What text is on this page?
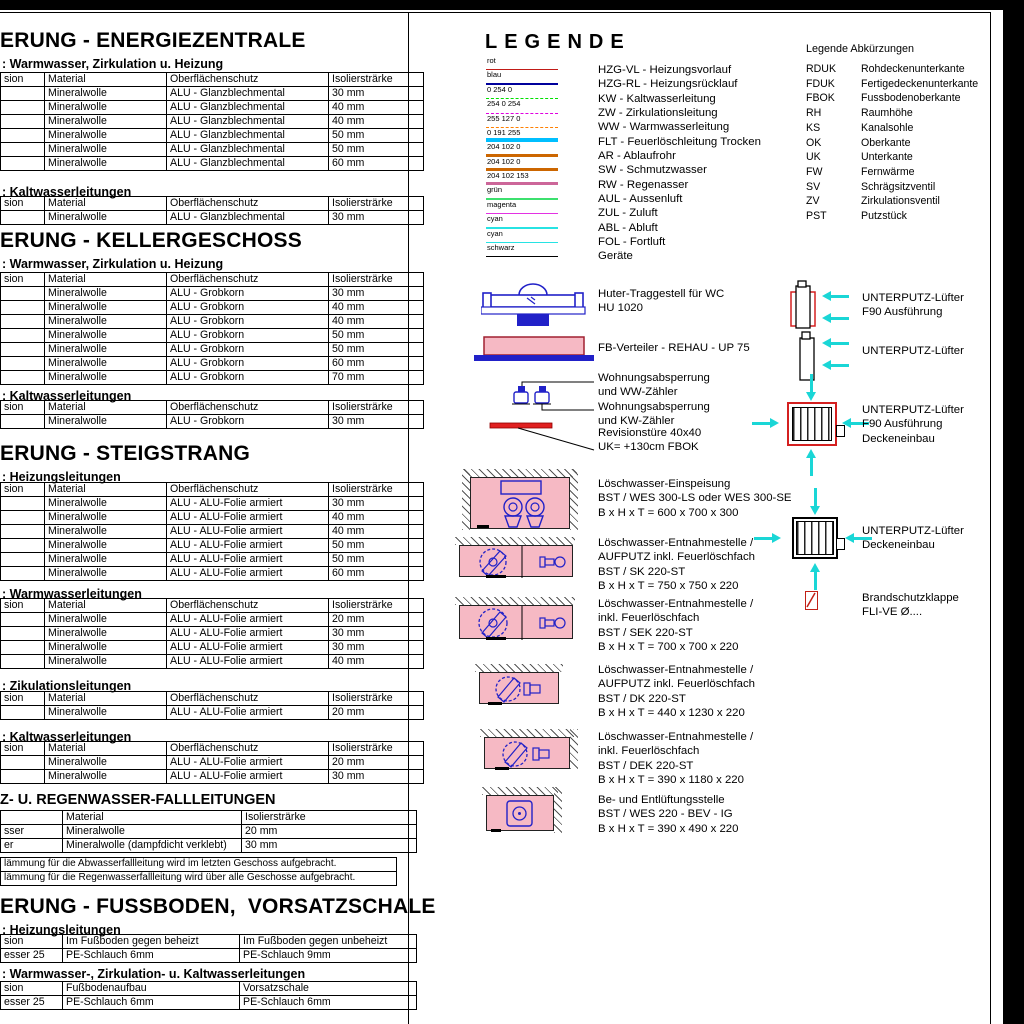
ERUNG - ENERGIEZENTRALE
: Warmwasser, Zirkulation u. Heizung
sion	Material	Oberflächenschutz	Isoliersträrke
	Mineralwolle	ALU - Glanzblechmental	30 mm
	Mineralwolle	ALU - Glanzblechmental	40 mm
	Mineralwolle	ALU - Glanzblechmental	40 mm
	Mineralwolle	ALU - Glanzblechmental	50 mm
	Mineralwolle	ALU - Glanzblechmental	50 mm
	Mineralwolle	ALU - Glanzblechmental	60 mm
: Kaltwasserleitungen
sion	Material	Oberflächenschutz	Isoliersträrke
	Mineralwolle	ALU - Glanzblechmental	30 mm
ERUNG - KELLERGESCHOSS
: Warmwasser, Zirkulation u. Heizung
sion	Material	Oberflächenschutz	Isoliersträrke
	Mineralwolle	ALU - Grobkorn	30 mm
	Mineralwolle	ALU - Grobkorn	40 mm
	Mineralwolle	ALU - Grobkorn	40 mm
	Mineralwolle	ALU - Grobkorn	50 mm
	Mineralwolle	ALU - Grobkorn	50 mm
	Mineralwolle	ALU - Grobkorn	60 mm
	Mineralwolle	ALU - Grobkorn	70 mm
: Kaltwasserleitungen
sion	Material	Oberflächenschutz	Isoliersträrke
	Mineralwolle	ALU - Grobkorn	30 mm
ERUNG - STEIGSTRANG
: Heizungsleitungen
sion	Material	Oberflächenschutz	Isoliersträrke
	Mineralwolle	ALU - ALU-Folie armiert	30 mm
	Mineralwolle	ALU - ALU-Folie armiert	40 mm
	Mineralwolle	ALU - ALU-Folie armiert	40 mm
	Mineralwolle	ALU - ALU-Folie armiert	50 mm
	Mineralwolle	ALU - ALU-Folie armiert	50 mm
	Mineralwolle	ALU - ALU-Folie armiert	60 mm
: Warmwasserleitungen
sion	Material	Oberflächenschutz	Isoliersträrke
	Mineralwolle	ALU - ALU-Folie armiert	20 mm
	Mineralwolle	ALU - ALU-Folie armiert	30 mm
	Mineralwolle	ALU - ALU-Folie armiert	30 mm
	Mineralwolle	ALU - ALU-Folie armiert	40 mm
: Zikulationsleitungen
sion	Material	Oberflächenschutz	Isoliersträrke
	Mineralwolle	ALU - ALU-Folie armiert	20 mm
: Kaltwasserleitungen
sion	Material	Oberflächenschutz	Isoliersträrke
	Mineralwolle	ALU - ALU-Folie armiert	20 mm
	Mineralwolle	ALU - ALU-Folie armiert	30 mm
Z- U. REGENWASSER-FALLLEITUNGEN
	Material	Isoliersträrke
sser	Mineralwolle	20 mm
er	Mineralwolle (dampfdicht verklebt)	30 mm
lämmung für die Abwasserfallleitung wird im letzten Geschoss aufgebracht.
lämmung für die Regenwasserfallleitung wird über alle Geschosse aufgebracht.
ERUNG - FUSSBODEN,  VORSATZSCHALE
: Heizungsleitungen
sion	Im Fußboden gegen beheizt	Im Fußboden gegen unbeheizt
esser 25	PE-Schlauch 6mm	PE-Schlauch 9mm
: Warmwasser-, Zirkulation- u. Kaltwasserleitungen
sion	Fußbodenaufbau	Vorsatzschale
esser 25	PE-Schlauch 6mm	PE-Schlauch 6mm
LEGENDE
rot
blau
0 254 0
254 0 254
255 127 0
0 191 255
204 102 0
204 102 0
204 102 153
grün
magenta
cyan
cyan
schwarz
HZG-VL - Heizungsvorlauf
HZG-RL - Heizungsrücklauf
KW - Kaltwasserleitung
ZW - Zirkulationsleitung
WW - Warmwasserleitung
FLT - Feuerlöschleitung Trocken
AR - Ablaufrohr
SW - Schmutzwasser
RW - Regenasser
AUL - Aussenluft
ZUL - Zuluft
ABL - Abluft
FOL - Fortluft
Geräte
Legende Abkürzungen
RDUK Rohdeckenunterkante
FDUK Fertigedeckenunterkante
FBOK Fussbodenoberkante
RH	Raumhöhe
KS	Kanalsohle
OK	Oberkante
UK	Unterkante
FW	Fernwärme
SV	Schrägsitzventil
ZV	Zirkulationsventil
PST	Putzstück
Huter-Traggestell für WC
HU 1020
FB-Verteiler - REHAU - UP 75
Wohnungsabsperrung
und WW-Zähler
Wohnungsabsperrung
und KW-Zähler
Revisionstüre 40x40
UK= +130cm FBOK
Löschwasser-Einspeisung
BST / WES 300-LS oder WES 300-SE
B x H x T = 600 x 700 x 300
Löschwasser-Entnahmestelle /
AUFPUTZ inkl. Feuerlöschfach
BST / SK 220-ST
B x H x T = 750 x 750 x 220
Löschwasser-Entnahmestelle /
inkl. Feuerlöschfach
BST / SEK 220-ST
B x H x T = 700 x 700 x 220
Löschwasser-Entnahmestelle /
AUFPUTZ inkl. Feuerlöschfach
BST / DK 220-ST
B x H x T = 440 x 1230 x 220
Löschwasser-Entnahmestelle /
inkl. Feuerlöschfach
BST / DEK 220-ST
B x H x T = 390 x 1180 x 220
Be- und Entlüftungsstelle
BST / WES 220 - BEV - IG
B x H x T = 390 x 490 x 220
UNTERPUTZ-Lüfter
F90 Ausführung
UNTERPUTZ-Lüfter
UNTERPUTZ-Lüfter
F90 Ausführung
Deckeneinbau
UNTERPUTZ-Lüfter
Deckeneinbau
Brandschutzklappe
FLI-VE Ø....
